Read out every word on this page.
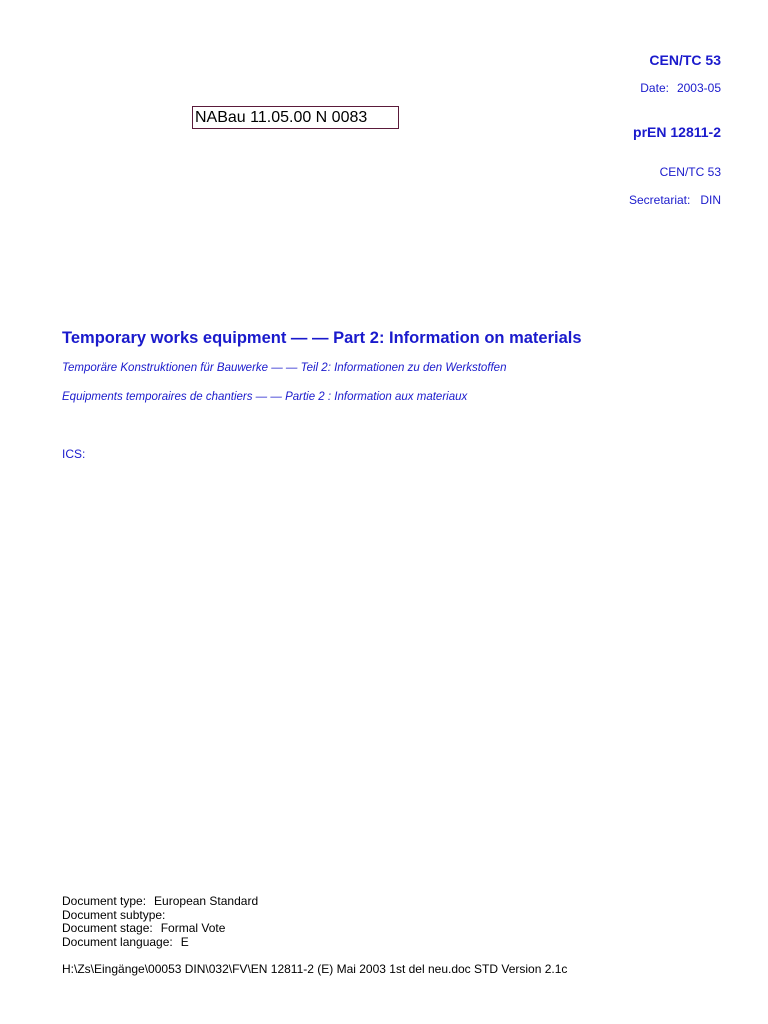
CEN/TC 53
Date: 2003-05
NABau 11.05.00 N 0083
prEN 12811-2
CEN/TC 53
Secretariat: DIN
Temporary works equipment — — Part 2: Information on materials
Temporäre Konstruktionen für Bauwerke — — Teil 2: Informationen zu den Werkstoffen
Equipments temporaires de chantiers — — Partie 2 : Information aux materiaux
ICS:
Document type: European Standard
Document subtype:
Document stage: Formal Vote
Document language: E
H:\Zs\Eingänge\00053 DIN\032\FV\EN 12811-2 (E) Mai 2003 1st del neu.doc STD Version 2.1c
